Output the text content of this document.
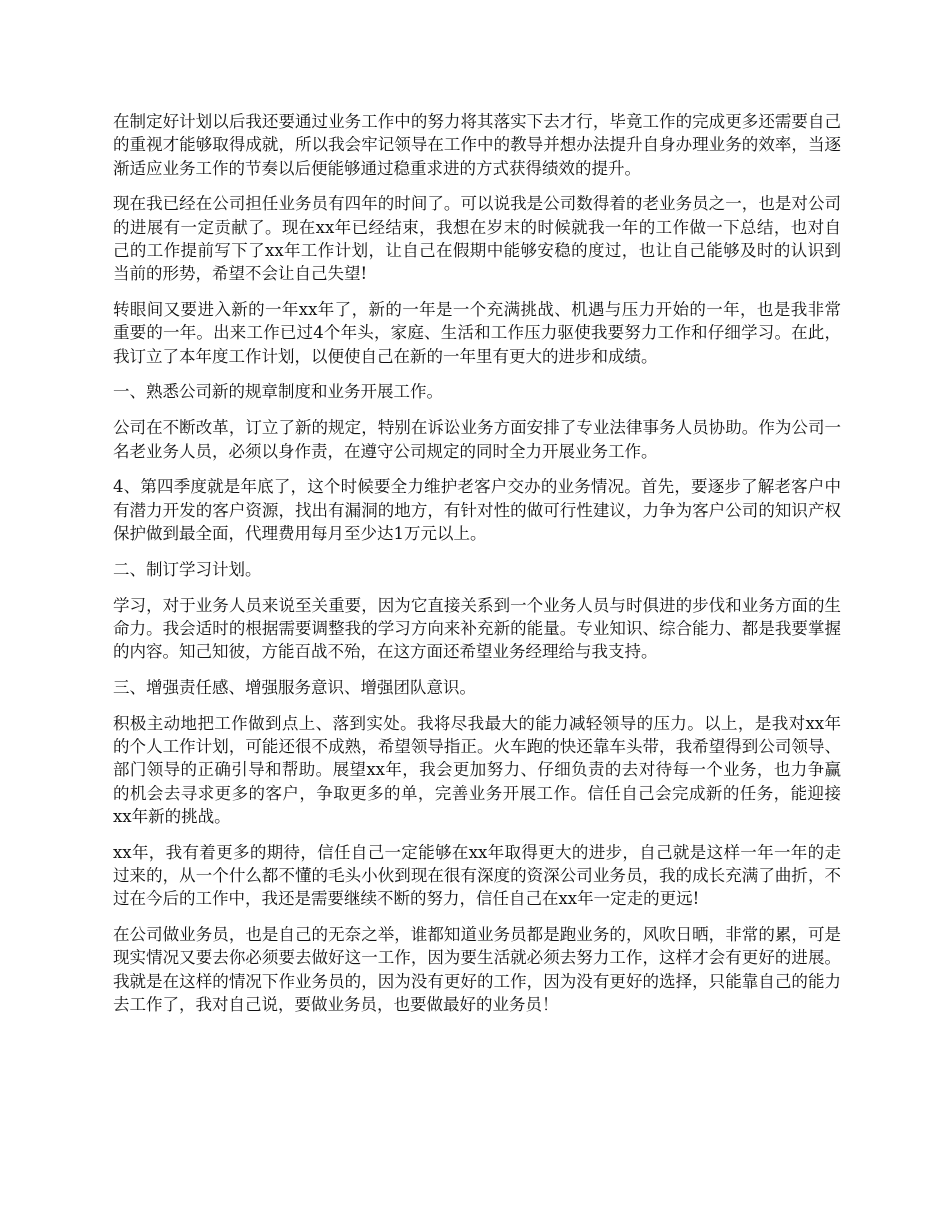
在制定好计划以后我还要通过业务工作中的努力将其落实下去才行，毕竟工作的完成更多还需要自己的重视才能够取得成就，所以我会牢记领导在工作中的教导并想办法提升自身办理业务的效率，当逐渐适应业务工作的节奏以后便能够通过稳重求进的方式获得绩效的提升。

现在我已经在公司担任业务员有四年的时间了。可以说我是公司数得着的老业务员之一，也是对公司的进展有一定贡献了。现在xx年已经结束，我想在岁末的时候就我一年的工作做一下总结，也对自己的工作提前写下了xx年工作计划，让自己在假期中能够安稳的度过，也让自己能够及时的认识到当前的形势，希望不会让自己失望!

转眼间又要进入新的一年xx年了，新的一年是一个充满挑战、机遇与压力开始的一年，也是我非常重要的一年。出来工作已过4个年头，家庭、生活和工作压力驱使我要努力工作和仔细学习。在此，我订立了本年度工作计划，以便使自己在新的一年里有更大的进步和成绩。

一、熟悉公司新的规章制度和业务开展工作。

公司在不断改革，订立了新的规定，特别在诉讼业务方面安排了专业法律事务人员协助。作为公司一名老业务人员，必须以身作责，在遵守公司规定的同时全力开展业务工作。

4、第四季度就是年底了，这个时候要全力维护老客户交办的业务情况。首先，要逐步了解老客户中有潜力开发的客户资源，找出有漏洞的地方，有针对性的做可行性建议，力争为客户公司的知识产权保护做到最全面，代理费用每月至少达1万元以上。

二、制订学习计划。

学习，对于业务人员来说至关重要，因为它直接关系到一个业务人员与时俱进的步伐和业务方面的生命力。我会适时的根据需要调整我的学习方向来补充新的能量。专业知识、综合能力、都是我要掌握的内容。知己知彼，方能百战不殆，在这方面还希望业务经理给与我支持。

三、增强责任感、增强服务意识、增强团队意识。

积极主动地把工作做到点上、落到实处。我将尽我最大的能力减轻领导的压力。以上，是我对xx年的个人工作计划，可能还很不成熟，希望领导指正。火车跑的快还靠车头带，我希望得到公司领导、部门领导的正确引导和帮助。展望xx年，我会更加努力、仔细负责的去对待每一个业务，也力争赢的机会去寻求更多的客户，争取更多的单，完善业务开展工作。信任自己会完成新的任务，能迎接xx年新的挑战。

xx年，我有着更多的期待，信任自己一定能够在xx年取得更大的进步，自己就是这样一年一年的走过来的，从一个什么都不懂的毛头小伙到现在很有深度的资深公司业务员，我的成长充满了曲折，不过在今后的工作中，我还是需要继续不断的努力，信任自己在xx年一定走的更远!

在公司做业务员，也是自己的无奈之举，谁都知道业务员都是跑业务的，风吹日晒，非常的累，可是现实情况又要去你必须要去做好这一工作，因为要生活就必须去努力工作，这样才会有更好的进展。我就是在这样的情况下作业务员的，因为没有更好的工作，因为没有更好的选择，只能靠自己的能力去工作了，我对自己说，要做业务员，也要做最好的业务员！
